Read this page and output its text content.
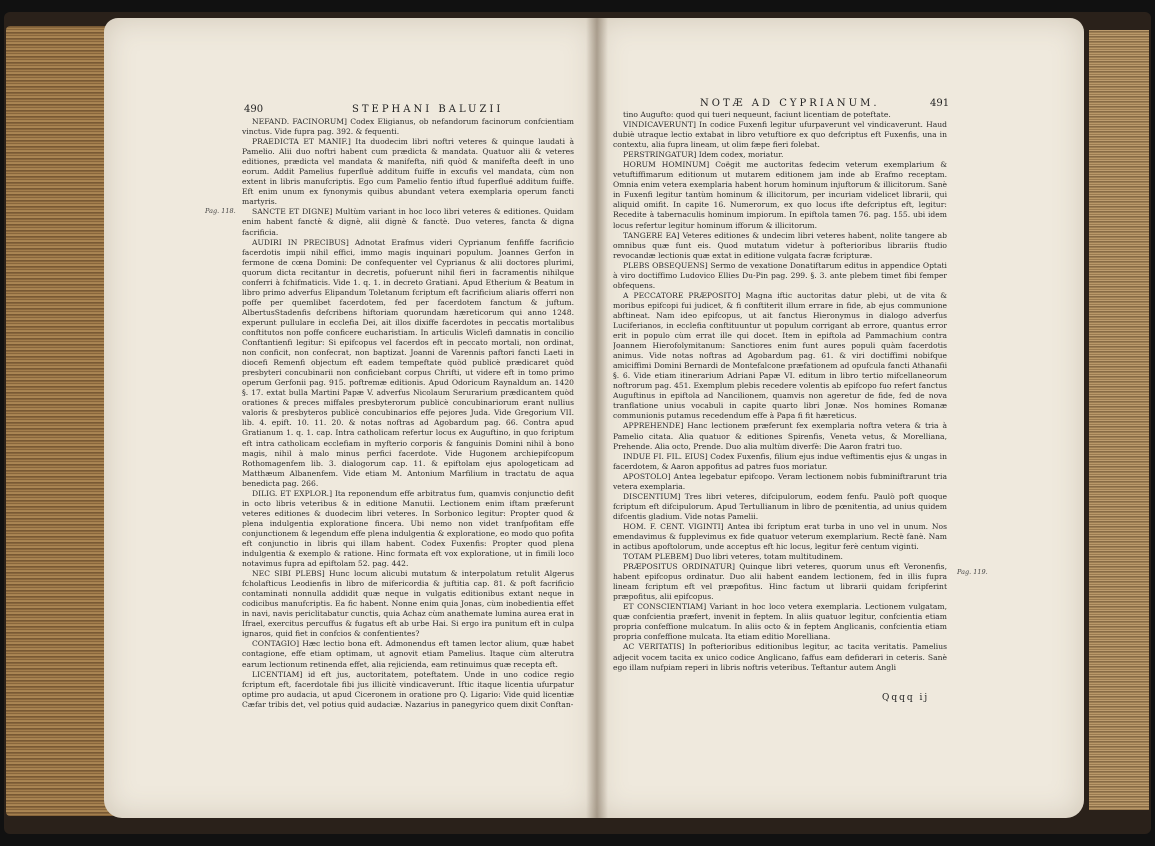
490	STEPHANI BALUZII
Pag. 118.

NEFAND. FACINORUM] Codex Eligianus, ob nefandorum facinorum confcientiam vinctus. Vide fupra pag. 392. & fequenti.

PRAEDICTA ET MANIF.] Ita duodecim libri noftri veteres & quinque laudati à Pamelio. Alii duo noftri habent cum prædicta & mandata. Quatuor alii & veteres editiones, prædicta vel mandata & manifefta, nifi quòd & manifefta deeft in uno eorum. Addit Pamelius fuperfluè additum fuiffe in excufis vel mandata, cùm non extent in libris manufcriptis. Ego cum Pamelio fentio iftud fuperflué additum fuiffe. Eft enim unum ex fynonymis quibus abundant vetera exemplaria operum fancti martyris.

SANCTE ET DIGNE] Multùm variant in hoc loco libri veteres & editiones. Quidam enim habent fanctè & dignè, alii dignè & fanctè. Duo veteres, fancta & digna facrificia.

AUDIRI IN PRECIBUS] Adnotat Erafmus videri Cyprianum fenfiffe facrificio facerdotis impii nihil effici, immo magis inquinari populum. Joannes Gerfon in fermone de cœna Domini: De confequenter vel Cyprianus & alii doctores plurimi, quorum dicta recitantur in decretis, pofuerunt nihil fieri in facramentis nihilque conferri à fchifmaticis. Vide 1. q. 1. in decreto Gratiani. Apud Etherium & Beatum in libro primo adverfus Elipandum Toletanum fcriptum eft facrificium aliaris offerri non poffe per quemlibet facerdotem, fed per facerdotem fanctum & juftum. AlbertusStadenfis defcribens hiftoriam quorundam hæreticorum qui anno 1248. experunt pullulare in ecclefia Dei, ait illos dixiffe facerdotes in peccatis mortalibus conftitutos non poffe conficere eucharistiam. In articulis Wiclefi damnatis in concilio Conftantienfi legitur: Si epifcopus vel facerdos eft in peccato mortali, non ordinat, non conficit, non confecrat, non baptizat. Joanni de Varennis paftori fancti Laeti in diocefi Remenfi objectum eft eadem tempeftate quòd publicè prædicaret quòd presbyteri concubinarii non conficiebant corpus Chrifti, ut videre eft in tomo primo operum Gerfonii pag. 915. poftremæ editionis. Apud Odoricum Raynaldum an. 1420 §. 17. extat bulla Martini Papæ V. adverfus Nicolaum Serurarium prædicantem quòd orationes & preces miffales presbyterorum publicè concubinariorum erant nullius valoris & presbyteros publicè concubinarios effe pejores Juda. Vide Gregorium VII. lib. 4. epift. 10. 11. 20. & notas noftras ad Agobardum pag. 66. Contra apud Gratianum 1. q. 1. cap. Intra catholicam refertur locus ex Auguftino, in quo fcriptum eft intra catholicam ecclefiam in myfterio corporis & fanguinis Domini nihil à bono magis, nihil à malo minus perfici facerdote. Vide Hugonem archiepifcopum Rothomagenfem lib. 3. dialogorum cap. 11. & epiftolam ejus apologeticam ad Matthæum Albanenfem. Vide etiam M. Antonium Marfilium in tractatu de aqua benedicta pag. 266.

DILIG. ET EXPLOR.] Ita reponendum effe arbitratus fum, quamvis conjunctio defit in octo libris veteribus & in editione Manutii. Lectionem enim iftam præferunt veteres editiones & duodecim libri veteres. In Sorbonico legitur: Propter quod & plena indulgentia exploratione fincera. Ubi nemo non videt tranfpofitam effe conjunctionem & legendum effe plena indulgentia & exploratione, eo modo quo pofita eft conjunctio in libris qui illam habent. Codex Fuxenfis: Propter quod plena indulgentia & exemplo & ratione. Hinc formata eft vox exploratione, ut in fimili loco notavimus fupra ad epiftolam 52. pag. 442.

NEC SIBI PLEBS] Hunc locum alicubi mutatum & interpolatum retulit Algerus fcholafticus Leodienfis in libro de mifericordia & juftitia cap. 81. & poft facrificio contaminati nonnulla addidit quæ neque in vulgatis editionibus extant neque in codicibus manufcriptis. Ea fic habent. Nonne enim quia Jonas, cùm inobedientia effet in navi, navis periclitabatur cunctis, quia Achaz cùm anathemate lumina aurea erat in Ifrael, exercitus percuffus & fugatus eft ab urbe Hai. Si ergo ira punitum eft in culpa ignaros, quid fiet in confcios & confentientes?

CONTAGIO] Hæc lectio bona eft. Admonendus eft tamen lector alium, quæ habet contagione, effe etiam optimam, ut agnovit etiam Pamelius. Itaque cùm alterutra earum lectionum retinenda effet, alia rejicienda, eam retinuimus quæ recepta eft.

LICENTIAM] id eft jus, auctoritatem, poteftatem. Unde in uno codice regio fcriptum eft, facerdotale fibi jus illicitè vindicaverunt. Iftic itaque licentia ufurpatur optime pro audacia, ut apud Ciceronem in oratione pro Q. Ligario: Vide quid licentiæ Cæfar tribis det, vel potius quid audaciæ. Nazarius in panegyrico quem dixit Conftan-

NOTÆ AD CYPRIANUM.	491
Pag. 119.

tino Augufto: quod qui tueri nequeunt, faciunt licentiam de poteftate.

VINDICAVERUNT] In codice Fuxenfi legitur ufurpaverunt vel vindicaverunt. Haud dubiè utraque lectio extabat in libro vetuftiore ex quo defcriptus eft Fuxenfis, una in contextu, alia fupra lineam, ut olim fæpe fieri folebat.

PERSTRINGATUR] Idem codex, moriatur.

HORUM HOMINUM] Coëgit me auctoritas fedecim veterum exemplarium & vetuftiffimarum editionum ut mutarem editionem jam inde ab Erafmo receptam. Omnia enim vetera exemplaria habent horum hominum injuftorum & illicitorum. Sanè in Fuxenfi legitur tantùm hominum & illicitorum, per incuriam videlicet librarii, qui aliquid omifit. In capite 16. Numerorum, ex quo locus ifte defcriptus eft, legitur: Recedite à tabernaculis hominum impiorum. In epiftola tamen 76. pag. 155. ubi idem locus refertur legitur hominum ifforum & illicitorum.

TANGERE EA] Veteres editiones & undecim libri veteres habent, nolite tangere ab omnibus quæ funt eis. Quod mutatum videtur à pofterioribus librariis ftudio revocandæ lectionis quæ extat in editione vulgata facræ fcripturæ.

PLEBS OBSEQUENS] Sermo de vexatione Donatiftarum editus in appendice Optati à viro doctiffimo Ludovico Ellies Du-Pin pag. 299. §. 3. ante plebem timet fibi femper obfequens.

A PECCATORE PRÆPOSITO] Magna iftic auctoritas datur plebi, ut de vita & moribus epifcopi fui judicet, & fi conftiterit illum errare in fide, ab ejus communione abftineat. Nam ideo epifcopus, ut ait fanctus Hieronymus in dialogo adverfus Luciferianos, in ecclefia conftituuntur ut populum corrigant ab errore, quantus error erit in populo cùm errat ille qui docet. Item in epiftola ad Pammachium contra Joannem Hierofolymitanum: Sanctiores enim funt aures populi quàm facerdotis animus. Vide notas noftras ad Agobardum pag. 61. & viri doctiffimi nobifque amiciffimi Domini Bernardi de Montefalcone præfationem ad opufcula fancti Athanafii §. 6. Vide etiam itinerarium Adriani Papæ VI. editum in libro tertio mifcellaneorum noftrorum pag. 451. Exemplum plebis recedere volentis ab epifcopo fuo refert fanctus Auguftinus in epiftola ad Nancilionem, quamvis non ageretur de fide, fed de nova tranflatione unius vocabuli in capite quarto libri Jonæ. Nos homines Romanæ communionis putamus recedendum effe à Papa fi fit hæreticus.

APPREHENDE] Hanc lectionem præferunt fex exemplaria noftra vetera & tria à Pamelio citata. Alia quatuor & editiones Spirenfis, Veneta vetus, & Morelliana, Prehende. Alia octo, Prende. Duo alia multùm diverfè: Die Aaron fratri tuo.

INDUE FI. FIL. EIUS] Codex Fuxenfis, filium ejus indue veftimentis ejus & ungas in facerdotem, & Aaron appofitus ad patres fuos moriatur.

APOSTOLO] Antea legebatur epifcopo. Veram lectionem nobis fubminiftrarunt tria vetera exemplaria.

DISCENTIUM] Tres libri veteres, difcipulorum, eodem fenfu. Paulò poft quoque fcriptum eft difcipulorum. Apud Tertullianum in libro de pœnitentia, ad unius quidem difcentis gladium. Vide notas Pamelii.

HOM. F. CENT. VIGINTI] Antea ibi fcriptum erat turba in uno vel in unum. Nos emendavimus & fupplevimus ex fide quatuor veterum exemplarium. Rectè fanè. Nam in actibus apoftolorum, unde acceptus eft hic locus, legitur ferè centum viginti.

TOTAM PLEBEM] Duo libri veteres, totam multitudinem.

PRÆPOSITUS ORDINATUR] Quinque libri veteres, quorum unus eft Veronenfis, habent epifcopus ordinatur. Duo alii habent eandem lectionem, fed in illis fupra lineam fcriptum eft vel præpofitus. Hinc factum ut librarii quidam fcripferint præpofitus, alii epifcopus.

ET CONSCIENTIAM] Variant in hoc loco vetera exemplaria. Lectionem vulgatam, quæ confcientia præfert, invenit in feptem. In aliis quatuor legitur, confcientia etiam propria confeffione mulcatum. In aliis octo & in feptem Anglicanis, confcientia etiam propria confeffione mulcata. Ita etiam editio Morelliana.

AC VERITATIS] In pofterioribus editionibus legitur, ac tacita veritatis. Pamelius adjecit vocem tacita ex unico codice Anglicano, faffus eam defiderari in ceteris. Sanè ego illam nufpiam reperi in libris noftris veteribus. Teftantur autem Angli

Qqqq ij
